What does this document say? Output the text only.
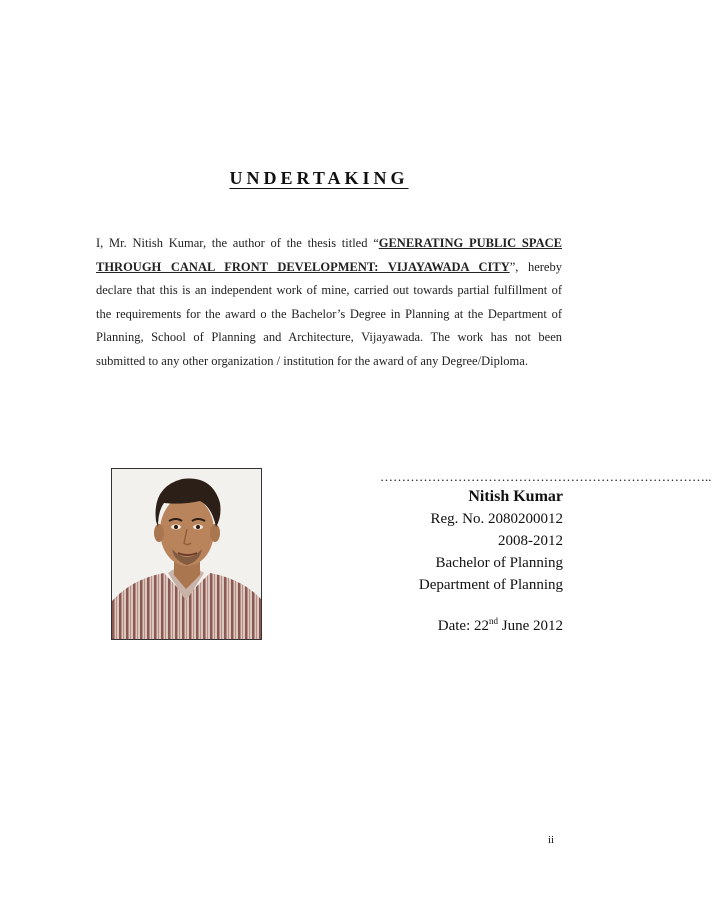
UNDERTAKING
I, Mr. Nitish Kumar, the author of the thesis titled “GENERATING PUBLIC SPACE THROUGH CANAL FRONT DEVELOPMENT: VIJAYAWADA CITY”, hereby declare that this is an independent work of mine, carried out towards partial fulfillment of the requirements for the award o the Bachelor’s Degree in Planning at the Department of Planning, School of Planning and Architecture, Vijayawada. The work has not been submitted to any other organization / institution for the award of any Degree/Diploma.
…………………………………………………………………..
Nitish Kumar
Reg. No. 2080200012
2008-2012
Bachelor of Planning
Department of Planning
Date: 22nd June 2012
ii
